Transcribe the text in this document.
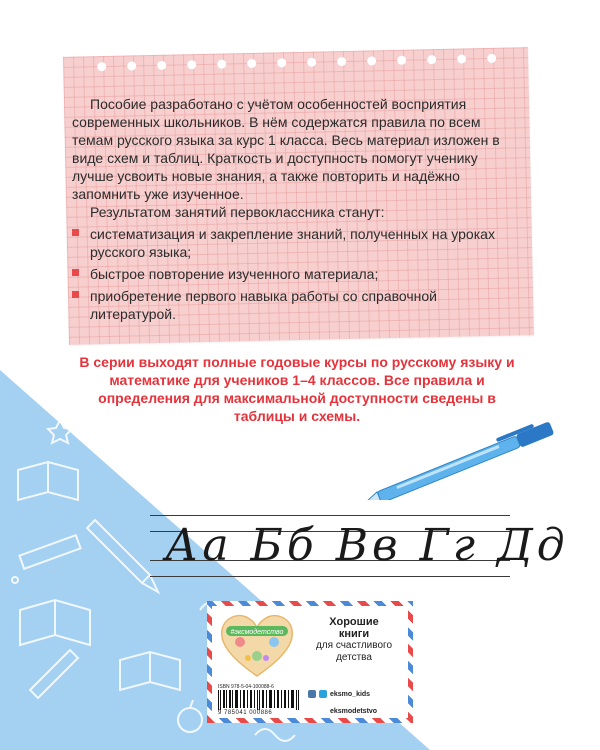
Пособие разработано с учётом особенностей восприятия современных школьников. В нём содержатся правила по всем темам русского языка за курс 1 класса. Весь материал изложен в виде схем и таблиц. Краткость и доступность помогут ученику лучше усвоить новые знания, а также повторить и надёжно запомнить уже изученное.

Результатом занятий первоклассника станут:

систематизация и закрепление знаний, полученных на уроках русского языка;
быстрое повторение изученного материала;
приобретение первого навыка работы со справочной литературой.

В серии выходят полные годовые курсы по русскому языку и математике для учеников 1–4 классов. Все правила и определения для максимальной доступности сведены в таблицы и схемы.

Аа Бб Вв Гг Дд
#эксмодетство
Хорошие
книги
для счастливого
детства
ISBN 978-5-04-100088-6
9 785041 000886
eksmo_kids
eksmodetstvo
